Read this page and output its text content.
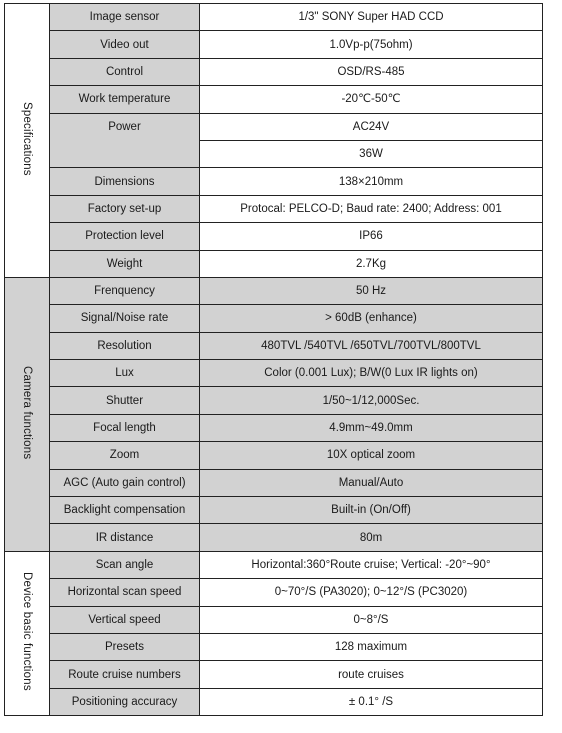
Specifications	Image sensor	1/3" SONY Super HAD CCD
	Video out	1.0Vp-p(75ohm)
	Control	OSD/RS-485
	Work temperature	-20℃-50℃
	Power	AC24V
		36W
	Dimensions	138×210mm
	Factory set-up	Protocal: PELCO-D; Baud rate: 2400; Address: 001
	Protection level	IP66
	Weight	2.7Kg
Camera functions	Frenquency	50 Hz
	Signal/Noise rate	> 60dB (enhance)
	Resolution	480TVL /540TVL /650TVL/700TVL/800TVL
	Lux	Color (0.001 Lux); B/W(0 Lux IR lights on)
	Shutter	1/50~1/12,000Sec.
	Focal length	4.9mm~49.0mm
	Zoom	10X optical zoom
	AGC (Auto gain control)	Manual/Auto
	Backlight compensation	Built-in (On/Off)
	IR distance	80m
Device basic functions	Scan angle	Horizontal:360°Route cruise; Vertical: -20°~90°
	Horizontal scan speed	0~70°/S (PA3020); 0~12°/S (PC3020)
	Vertical speed	0~8°/S
	Presets	128 maximum
	Route cruise numbers	route cruises
	Positioning accuracy	± 0.1° /S
